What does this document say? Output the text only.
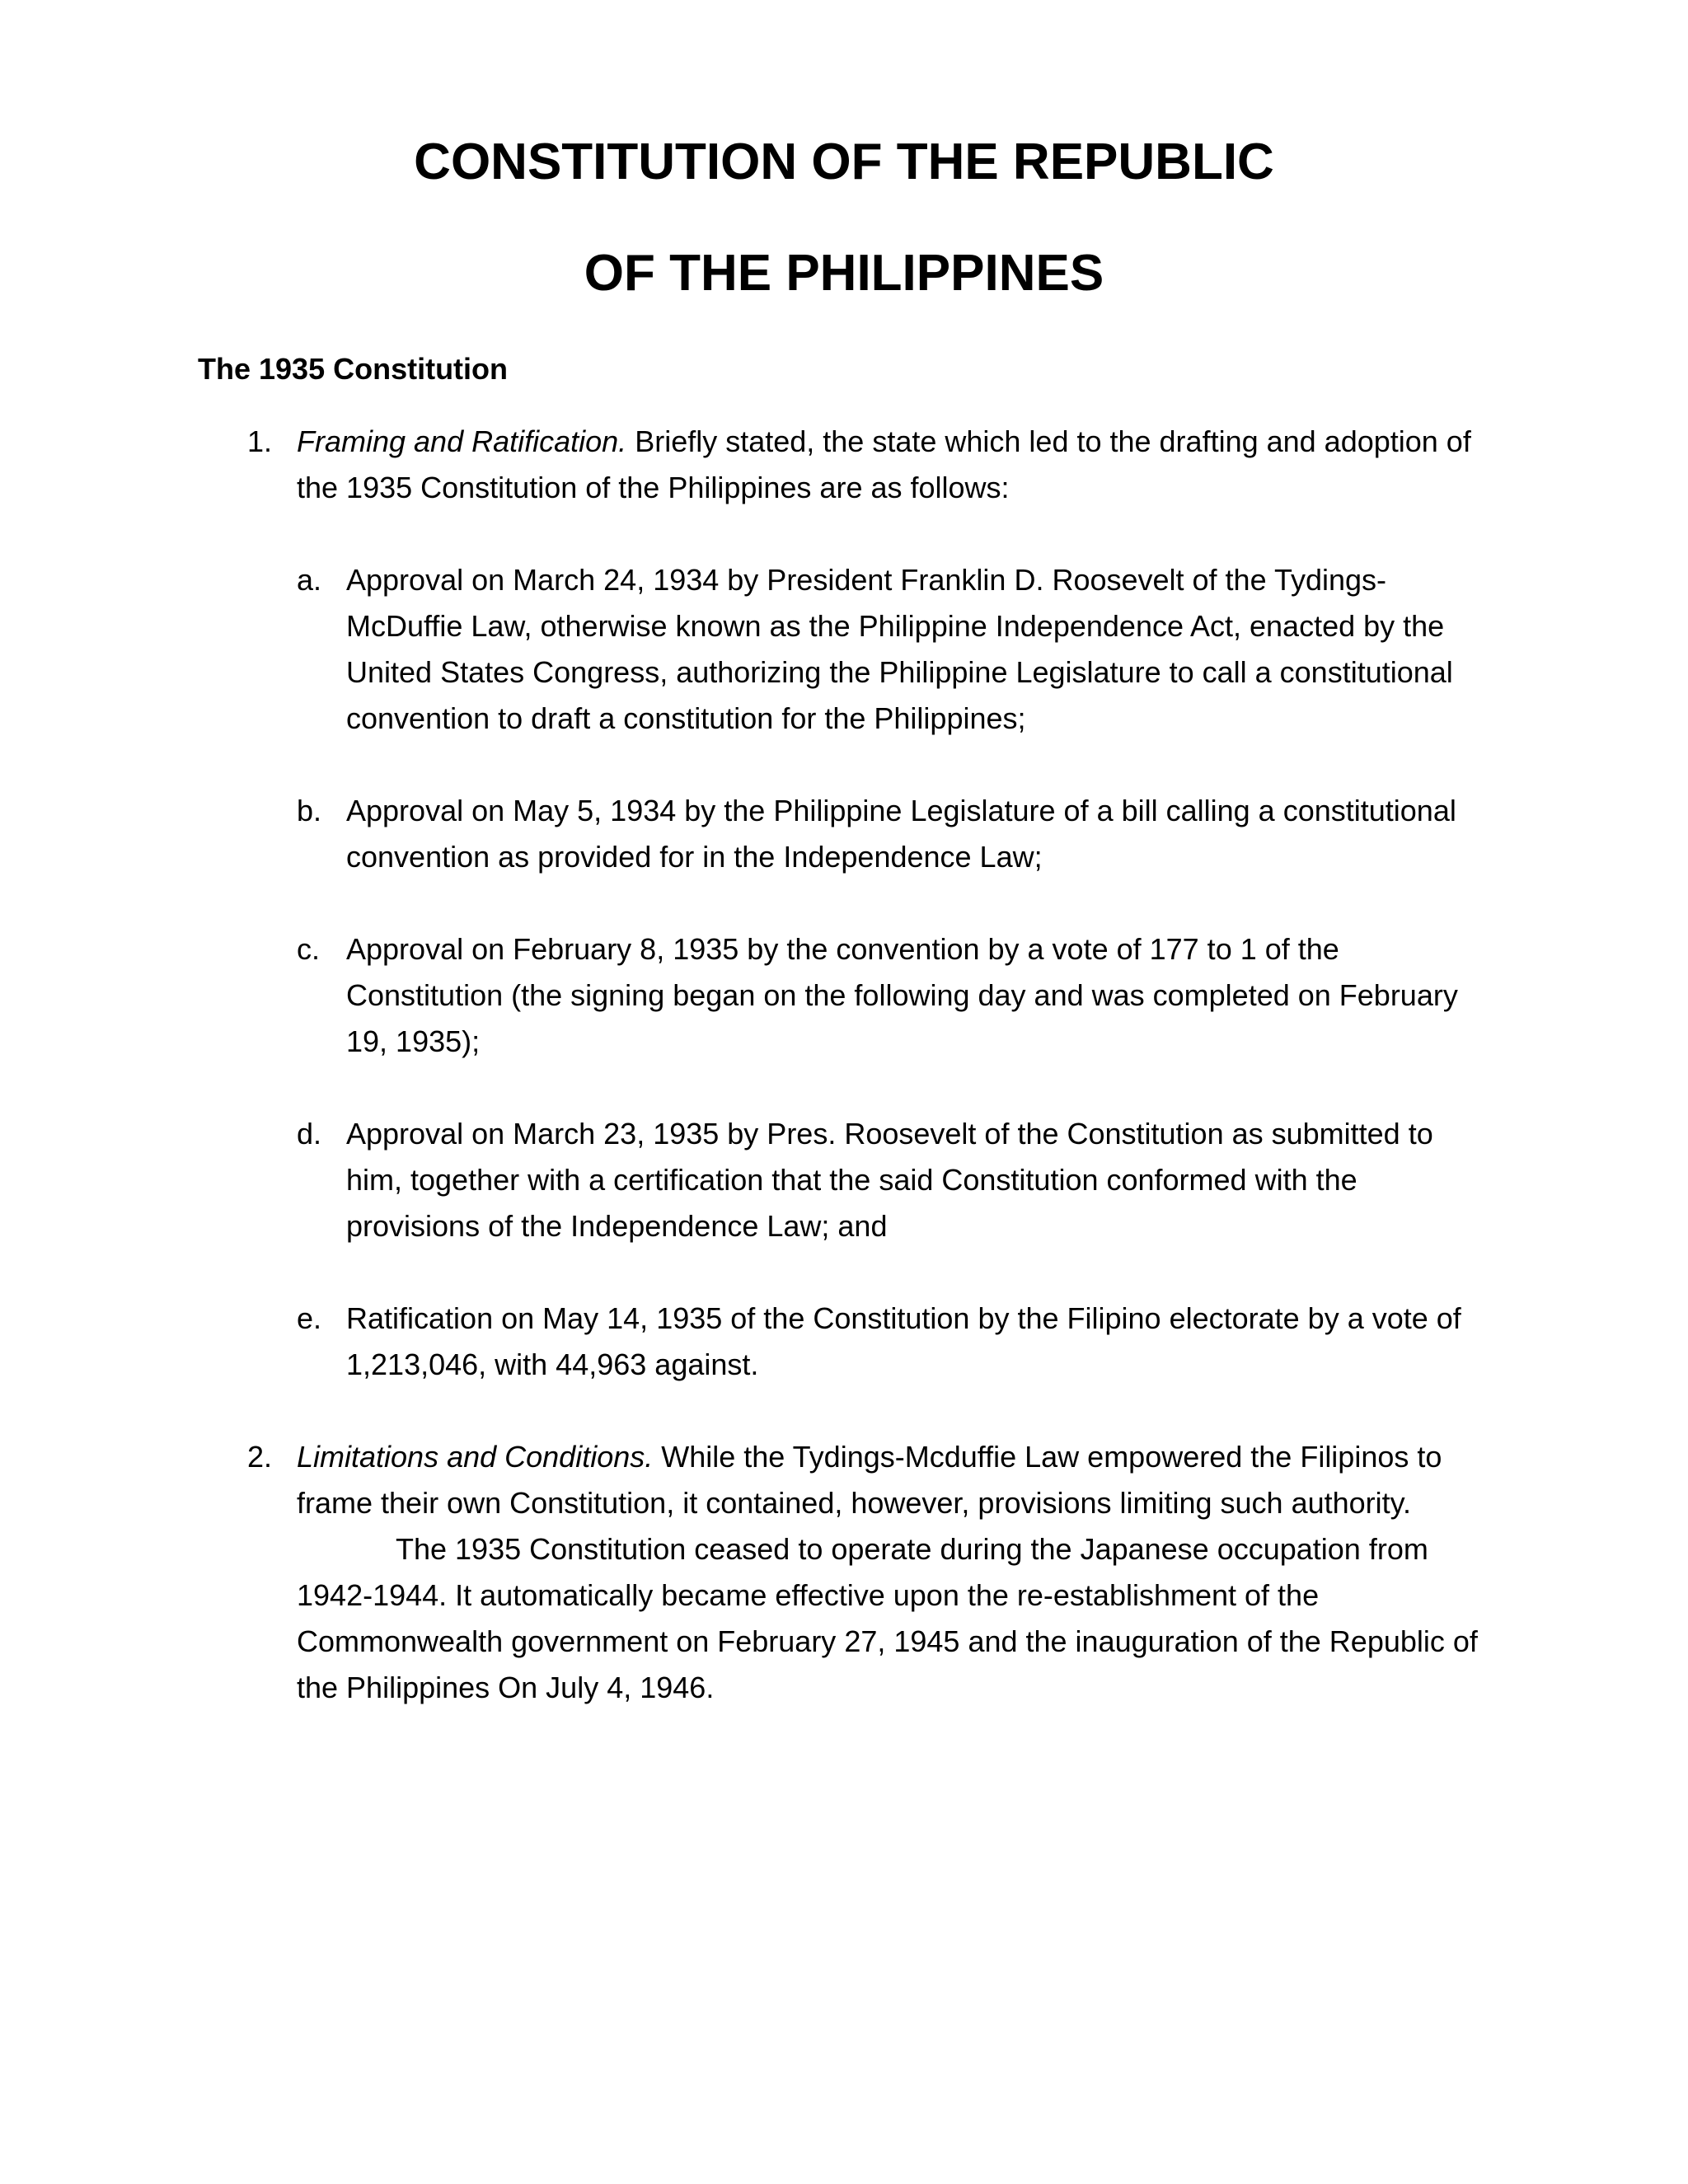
CONSTITUTION OF THE REPUBLIC
OF THE PHILIPPINES
The 1935 Constitution
1. Framing and Ratification. Briefly stated, the state which led to the drafting and adoption of the 1935 Constitution of the Philippines are as follows:
a. Approval on March 24, 1934 by President Franklin D. Roosevelt of the Tydings-McDuffie Law, otherwise known as the Philippine Independence Act, enacted by the United States Congress, authorizing the Philippine Legislature to call a constitutional convention to draft a constitution for the Philippines;
b. Approval on May 5, 1934 by the Philippine Legislature of a bill calling a constitutional convention as provided for in the Independence Law;
c. Approval on February 8, 1935 by the convention by a vote of 177 to 1 of the Constitution (the signing began on the following day and was completed on February 19, 1935);
d. Approval on March 23, 1935 by Pres. Roosevelt of the Constitution as submitted to him, together with a certification that the said Constitution conformed with the provisions of the Independence Law; and
e. Ratification on May 14, 1935 of the Constitution by the Filipino electorate by a vote of 1,213,046, with 44,963 against.
2. Limitations and Conditions. While the Tydings-Mcduffie Law empowered the Filipinos to frame their own Constitution, it contained, however, provisions limiting such authority.
The 1935 Constitution ceased to operate during the Japanese occupation from 1942-1944. It automatically became effective upon the re-establishment of the Commonwealth government on February 27, 1945 and the inauguration of the Republic of the Philippines On July 4, 1946.
